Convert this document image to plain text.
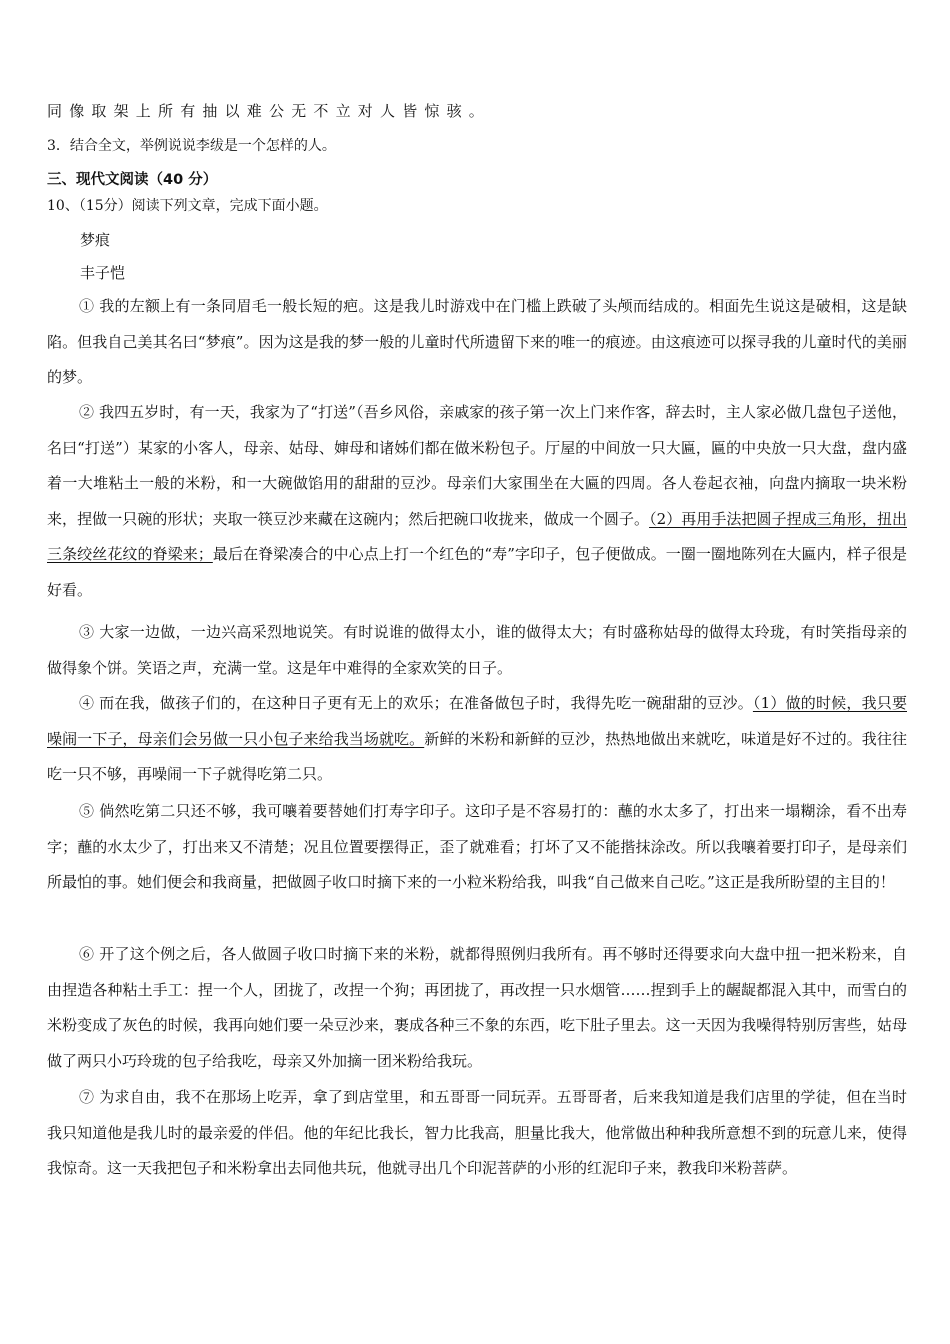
同像取架上所有抽以难公无不立对人皆惊骇。
3．结合全文，举例说说李绂是一个怎样的人。
三、现代文阅读（40 分）
10、（15分）阅读下列文章，完成下面小题。
梦痕
丰子恺

① 我的左额上有一条同眉毛一般长短的疤。这是我儿时游戏中在门槛上跌破了头颅而结成的。相面先生说这是破相，这是缺陷。但我自己美其名曰“梦痕”。因为这是我的梦一般的儿童时代所遗留下来的唯一的痕迹。由这痕迹可以探寻我的儿童时代的美丽的梦。

② 我四五岁时，有一天，我家为了“打送”（吾乡风俗，亲戚家的孩子第一次上门来作客，辞去时，主人家必做几盘包子送他，名曰“打送”）某家的小客人，母亲、姑母、婶母和诸姊们都在做米粉包子。厅屋的中间放一只大匾，匾的中央放一只大盘，盘内盛着一大堆粘土一般的米粉，和一大碗做馅用的甜甜的豆沙。母亲们大家围坐在大匾的四周。各人卷起衣袖，向盘内摘取一块米粉来，捏做一只碗的形状；夹取一筷豆沙来藏在这碗内；然后把碗口收拢来，做成一个圆子。（2）再用手法把圆子捏成三角形，扭出三条绞丝花纹的脊梁来；最后在脊梁凑合的中心点上打一个红色的“寿”字印子，包子便做成。一圈一圈地陈列在大匾内，样子很是好看。

③ 大家一边做，一边兴高采烈地说笑。有时说谁的做得太小，谁的做得太大；有时盛称姑母的做得太玲珑，有时笑指母亲的做得象个饼。笑语之声，充满一堂。这是年中难得的全家欢笑的日子。

④ 而在我，做孩子们的，在这种日子更有无上的欢乐；在准备做包子时，我得先吃一碗甜甜的豆沙。（1）做的时候，我只要噪闹一下子，母亲们会另做一只小包子来给我当场就吃。新鲜的米粉和新鲜的豆沙，热热地做出来就吃，味道是好不过的。我往往吃一只不够，再噪闹一下子就得吃第二只。

⑤ 倘然吃第二只还不够，我可嚷着要替她们打寿字印子。这印子是不容易打的：蘸的水太多了，打出来一塌糊涂，看不出寿字；蘸的水太少了，打出来又不清楚；况且位置要摆得正，歪了就难看；打坏了又不能揩抹涂改。所以我嚷着要打印子，是母亲们所最怕的事。她们便会和我商量，把做圆子收口时摘下来的一小粒米粉给我，叫我“自己做来自己吃。”这正是我所盼望的主目的！

⑥ 开了这个例之后，各人做圆子收口时摘下来的米粉，就都得照例归我所有。再不够时还得要求向大盘中扭一把米粉来，自由捏造各种粘土手工：捏一个人，团拢了，改捏一个狗；再团拢了，再改捏一只水烟管……捏到手上的龌龊都混入其中，而雪白的米粉变成了灰色的时候，我再向她们要一朵豆沙来，裹成各种三不象的东西，吃下肚子里去。这一天因为我噪得特别厉害些，姑母做了两只小巧玲珑的包子给我吃，母亲又外加摘一团米粉给我玩。

⑦ 为求自由，我不在那场上吃弄，拿了到店堂里，和五哥哥一同玩弄。五哥哥者，后来我知道是我们店里的学徒，但在当时我只知道他是我儿时的最亲爱的伴侣。他的年纪比我长，智力比我高，胆量比我大，他常做出种种我所意想不到的玩意儿来，使得我惊奇。这一天我把包子和米粉拿出去同他共玩，他就寻出几个印泥菩萨的小形的红泥印子来，教我印米粉菩萨。
